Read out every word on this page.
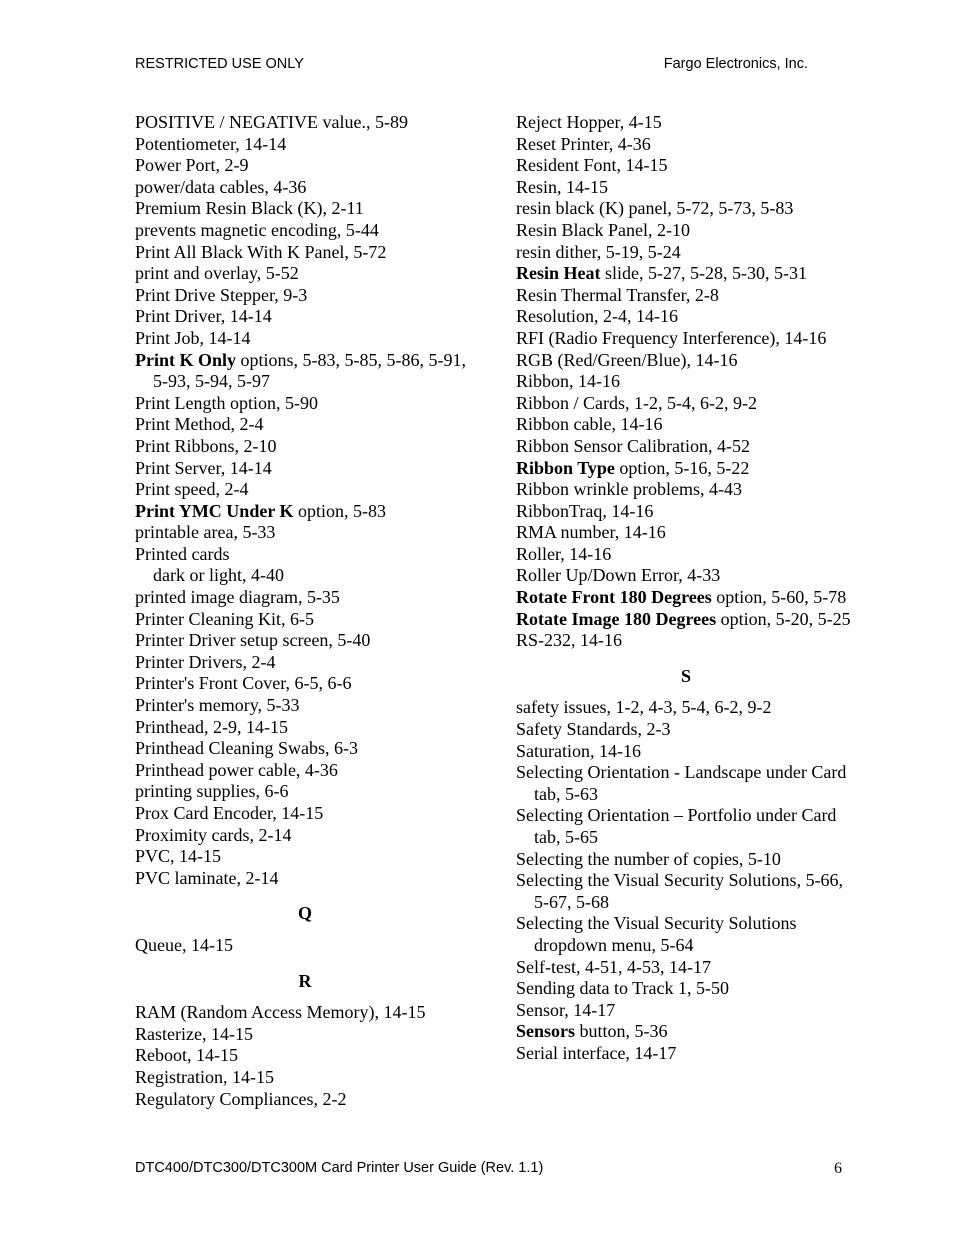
RESTRICTED USE ONLY	Fargo Electronics, Inc.
POSITIVE / NEGATIVE value., 5-89
Potentiometer, 14-14
Power Port, 2-9
power/data cables, 4-36
Premium Resin Black (K), 2-11
prevents magnetic encoding, 5-44
Print All Black With K Panel, 5-72
print and overlay, 5-52
Print Drive Stepper, 9-3
Print Driver, 14-14
Print Job, 14-14
Print K Only options, 5-83, 5-85, 5-86, 5-91, 5-93, 5-94, 5-97
Print Length option, 5-90
Print Method, 2-4
Print Ribbons, 2-10
Print Server, 14-14
Print speed, 2-4
Print YMC Under K option, 5-83
printable area, 5-33
Printed cards
dark or light, 4-40
printed image diagram, 5-35
Printer Cleaning Kit, 6-5
Printer Driver setup screen, 5-40
Printer Drivers, 2-4
Printer's Front Cover, 6-5, 6-6
Printer's memory, 5-33
Printhead, 2-9, 14-15
Printhead Cleaning Swabs, 6-3
Printhead power cable, 4-36
printing supplies, 6-6
Prox Card Encoder, 14-15
Proximity cards, 2-14
PVC, 14-15
PVC laminate, 2-14
Q
Queue, 14-15
R
RAM (Random Access Memory), 14-15
Rasterize, 14-15
Reboot, 14-15
Registration, 14-15
Regulatory Compliances, 2-2
Reject Hopper, 4-15
Reset Printer, 4-36
Resident Font, 14-15
Resin, 14-15
resin black (K) panel, 5-72, 5-73, 5-83
Resin Black Panel, 2-10
resin dither, 5-19, 5-24
Resin Heat slide, 5-27, 5-28, 5-30, 5-31
Resin Thermal Transfer, 2-8
Resolution, 2-4, 14-16
RFI (Radio Frequency Interference), 14-16
RGB (Red/Green/Blue), 14-16
Ribbon, 14-16
Ribbon / Cards, 1-2, 5-4, 6-2, 9-2
Ribbon cable, 14-16
Ribbon Sensor Calibration, 4-52
Ribbon Type option, 5-16, 5-22
Ribbon wrinkle problems, 4-43
RibbonTraq, 14-16
RMA number, 14-16
Roller, 14-16
Roller Up/Down Error, 4-33
Rotate Front 180 Degrees option, 5-60, 5-78
Rotate Image 180 Degrees option, 5-20, 5-25
RS-232, 14-16
S
safety issues, 1-2, 4-3, 5-4, 6-2, 9-2
Safety Standards, 2-3
Saturation, 14-16
Selecting Orientation - Landscape under Card tab, 5-63
Selecting Orientation – Portfolio under Card tab, 5-65
Selecting the number of copies, 5-10
Selecting the Visual Security Solutions, 5-66, 5-67, 5-68
Selecting the Visual Security Solutions dropdown menu, 5-64
Self-test, 4-51, 4-53, 14-17
Sending data to Track 1, 5-50
Sensor, 14-17
Sensors button, 5-36
Serial interface, 14-17
DTC400/DTC300/DTC300M Card Printer User Guide (Rev. 1.1)	6
